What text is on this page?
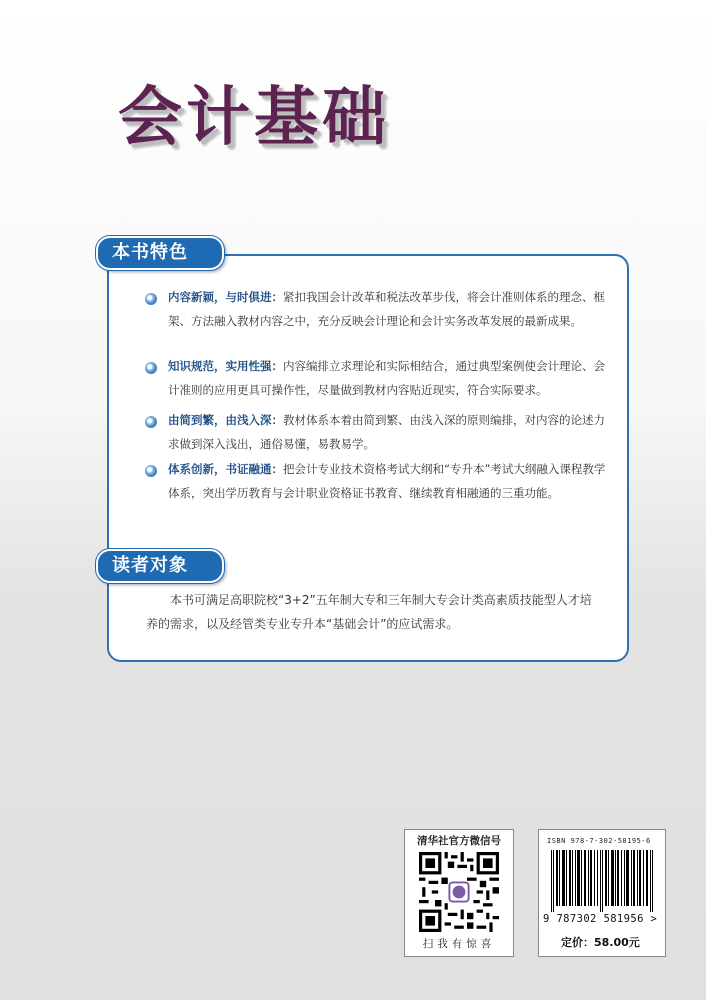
会计基础
本书特色
内容新颖，与时俱进：紧扣我国会计改革和税法改革步伐，将会计准则体系的理念、框架、方法融入教材内容之中，充分反映会计理论和会计实务改革发展的最新成果。
知识规范，实用性强：内容编排立求理论和实际相结合，通过典型案例使会计理论、会计准则的应用更具可操作性，尽量做到教材内容贴近现实，符合实际要求。
由简到繁，由浅入深：教材体系本着由简到繁、由浅入深的原则编排，对内容的论述力求做到深入浅出，通俗易懂，易教易学。
体系创新，书证融通：把会计专业技术资格考试大纲和“专升本”考试大纲融入课程教学体系，突出学历教育与会计职业资格证书教育、继续教育相融通的三重功能。
读者对象
本书可满足高职院校“3+2”五年制大专和三年制大专会计类高素质技能型人才培养的需求，以及经管类专业专升本“基础会计”的应试需求。
清华社官方微信号
扫我有惊喜
ISBN 978-7-302-58195-6
9 787302 581956 >
定价：58.00元
